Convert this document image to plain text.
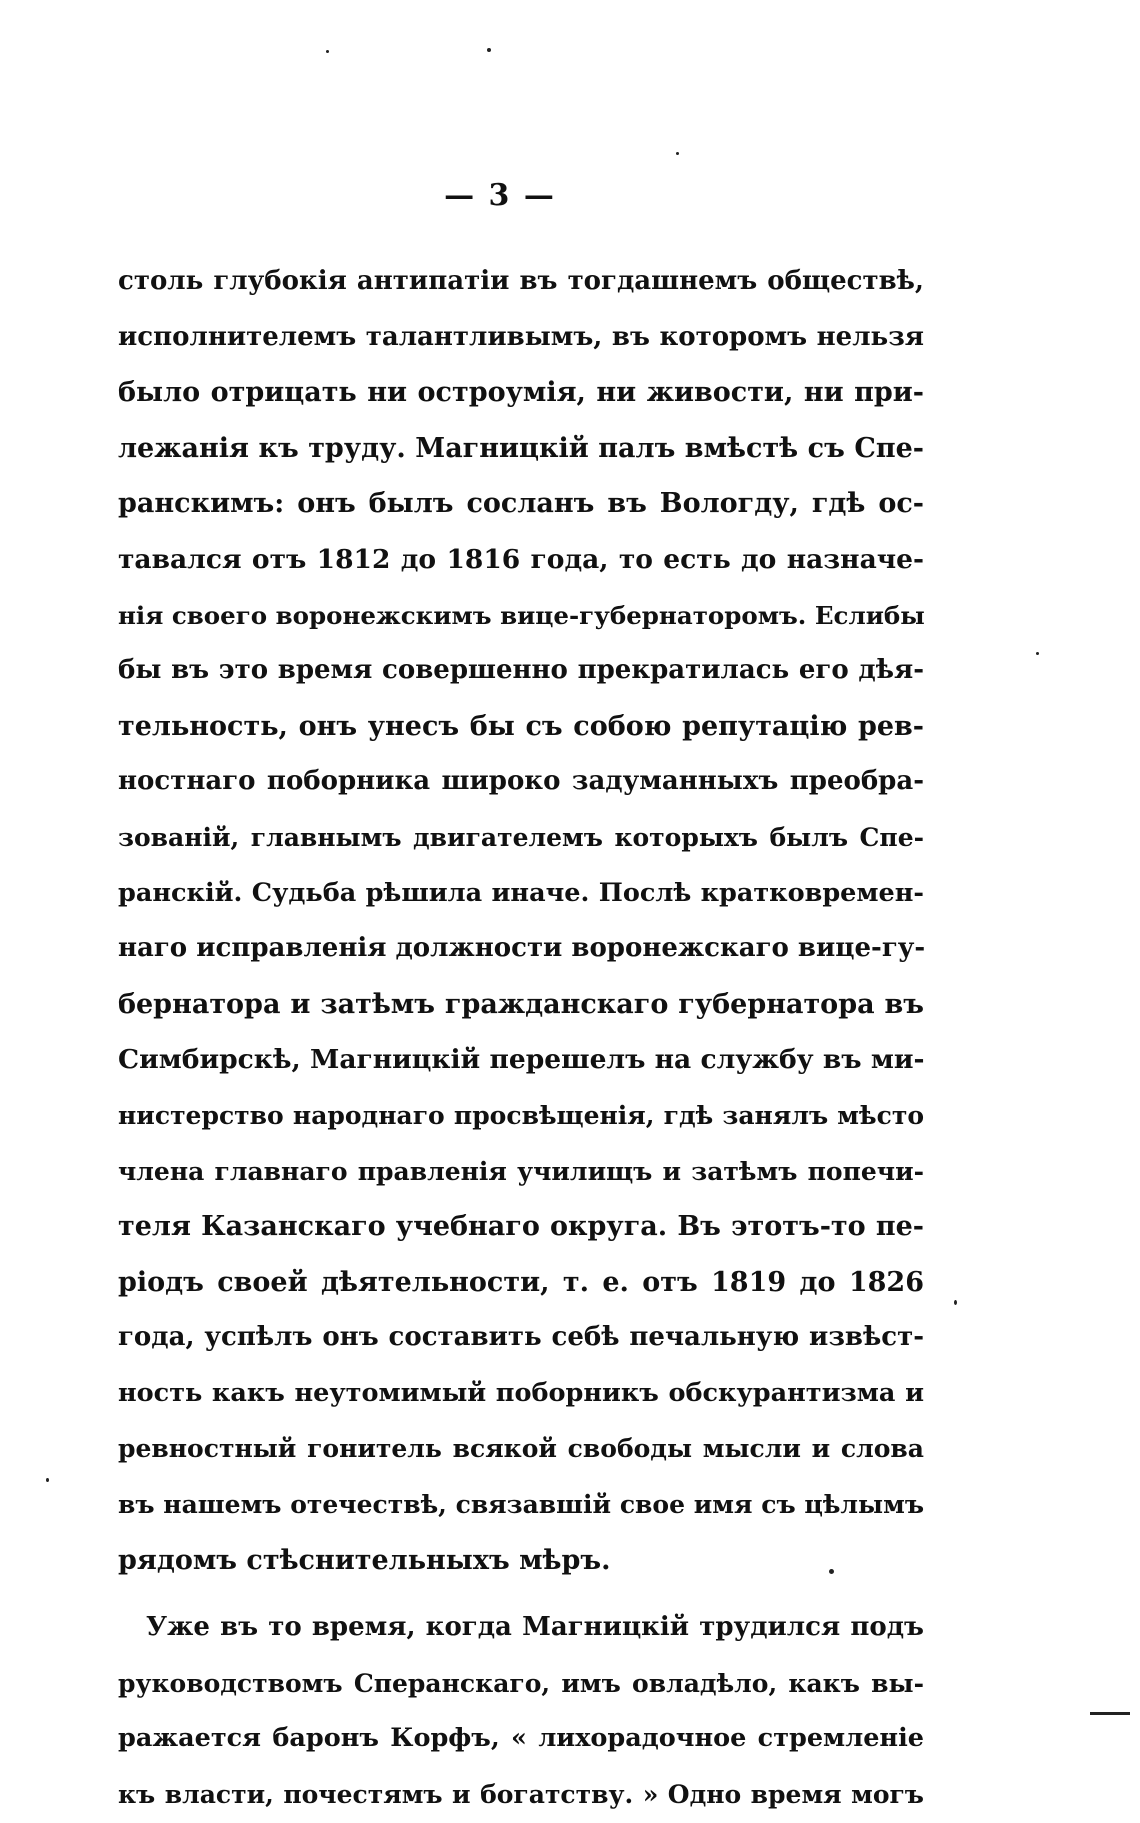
— 3 —
столь глубокія антипатіи въ тогдашнемъ обществѣ,
исполнителемъ талантливымъ, въ которомъ нельзя
было отрицать ни остроумія, ни живости, ни при-
лежанія къ труду. Магницкій палъ вмѣстѣ съ Спе-
ранскимъ: онъ былъ сосланъ въ Вологду, гдѣ ос-
тавался отъ 1812 до 1816 года, то есть до назначе-
нія своего воронежскимъ вице-губернаторомъ. Еслибы
бы въ это время совершенно прекратилась его дѣя-
тельность, онъ унесъ бы съ собою репутацію рев-
ностнаго поборника широко задуманныхъ преобра-
зованій, главнымъ двигателемъ которыхъ былъ Спе-
ранскій. Судьба рѣшила иначе. Послѣ кратковремен-
наго исправленія должности воронежскаго вице-гу-
бернатора и затѣмъ гражданскаго губернатора въ
Симбирскѣ, Магницкій перешелъ на службу въ ми-
нистерство народнаго просвѣщенія, гдѣ занялъ мѣсто
члена главнаго правленія училищъ и затѣмъ попечи-
теля Казанскаго учебнаго округа. Въ этотъ-то пе-
ріодъ своей дѣятельности, т. е. отъ 1819 до 1826
года, успѣлъ онъ составить себѣ печальную извѣст-
ность какъ неутомимый поборникъ обскурантизма и
ревностный гонитель всякой свободы мысли и слова
въ нашемъ отечествѣ, связавшій свое имя съ цѣлымъ
рядомъ стѣснительныхъ мѣръ.
Уже въ то время, когда Магницкій трудился подъ
руководствомъ Сперанскаго, имъ овладѣло, какъ вы-
ражается баронъ Корфъ, « лихорадочное стремленіе
къ власти, почестямъ и богатству. » Одно время могъ
